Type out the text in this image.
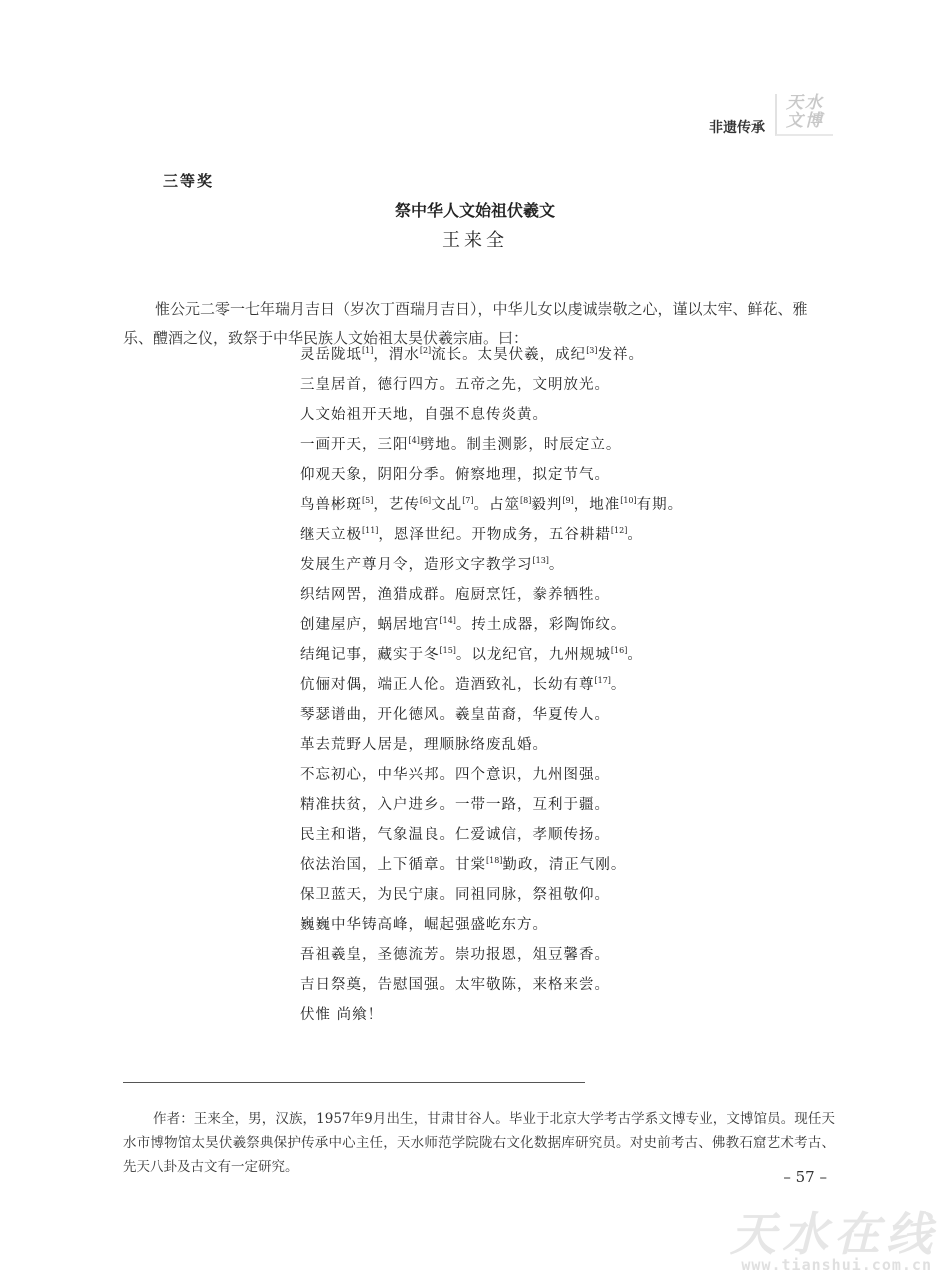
非遗传承
天水
文博
三等奖
祭中华人文始祖伏羲文
王来全

惟公元二零一七年瑞月吉日（岁次丁酉瑞月吉日），中华儿女以虔诚崇敬之心，谨以太牢、鲜花、雅乐、醴酒之仪，致祭于中华民族人文始祖太昊伏羲宗庙。曰：

灵岳陇坻[1]，渭水[2]流长。太昊伏羲，成纪[3]发祥。
三皇居首，德行四方。五帝之先，文明放光。
人文始祖开天地，自强不息传炎黄。
一画开天，三阳[4]劈地。制圭测影，时辰定立。
仰观天象，阴阳分季。俯察地理，拟定节气。
鸟兽彬斑[5]，艺传[6]文乩[7]。占筮[8]毅判[9]，地准[10]有期。
继天立极[11]，恩泽世纪。开物成务，五谷耕耤[12]。
发展生产尊月令，造形文字教学习[13]。
织结网罟，渔猎成群。庖厨烹饪，豢养牺牲。
创建屋庐，蜗居地宫[14]。抟土成器，彩陶饰纹。
结绳记事，藏实于冬[15]。以龙纪官，九州规城[16]。
伉俪对偶，端正人伦。造酒致礼，长幼有尊[17]。
琴瑟谱曲，开化德风。羲皇苗裔，华夏传人。
革去荒野人居是，理顺脉络废乱婚。
不忘初心，中华兴邦。四个意识，九州图强。
精准扶贫，入户进乡。一带一路，互利于疆。
民主和谐，气象温良。仁爱诚信，孝顺传扬。
依法治国，上下循章。甘棠[18]勤政，清正气刚。
保卫蓝天，为民宁康。同祖同脉，祭祖敬仰。
巍巍中华铸高峰，崛起强盛屹东方。
吾祖羲皇，圣德流芳。崇功报恩，俎豆馨香。
吉日祭奠，告慰国强。太牢敬陈，来格来尝。
伏惟 尚飨！

作者：王来全，男，汉族，1957年9月出生，甘肃甘谷人。毕业于北京大学考古学系文博专业，文博馆员。现任天水市博物馆太昊伏羲祭典保护传承中心主任，天水师范学院陇右文化数据库研究员。对史前考古、佛教石窟艺术考古、先天八卦及古文有一定研究。

– 57 –
天水在线
www.tianshui.com.cn
